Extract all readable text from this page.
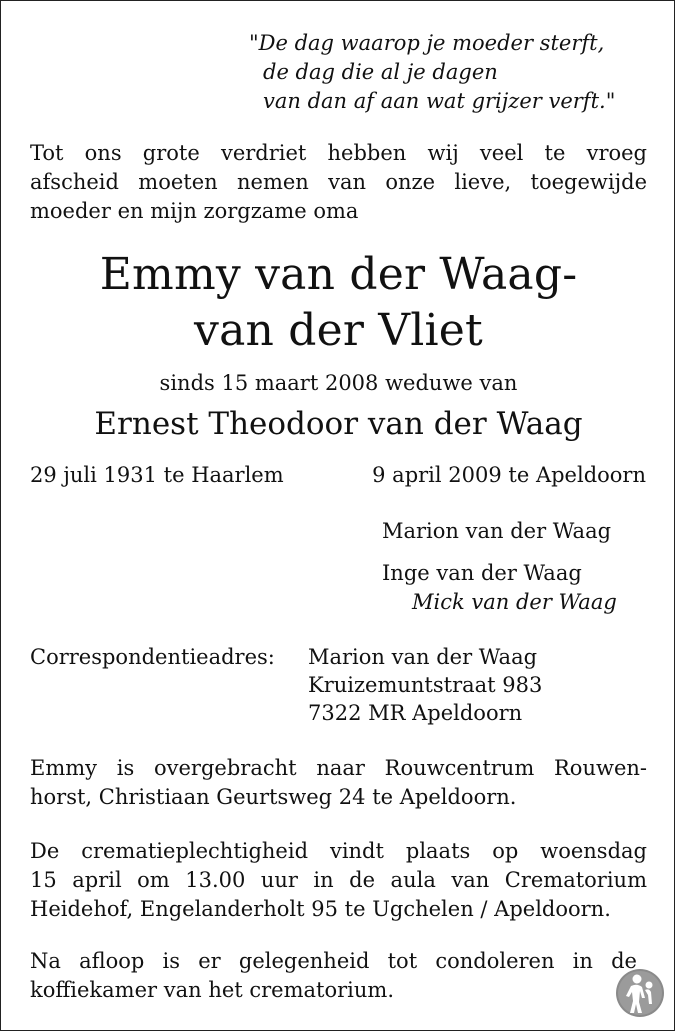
"De dag waarop je moeder sterft,
de dag die al je dagen
van dan af aan wat grijzer verft."
Tot ons grote verdriet hebben wij veel te vroeg
afscheid moeten nemen van onze lieve, toegewijde
moeder en mijn zorgzame oma
Emmy van der Waag-
van der Vliet
sinds 15 maart 2008 weduwe van
Ernest Theodoor van der Waag
29 juli 1931 te Haarlem	9 april 2009 te Apeldoorn
Marion van der Waag
Inge van der Waag
Mick van der Waag
Correspondentieadres: Marion van der Waag
Kruizemuntstraat 983
7322 MR Apeldoorn
Emmy is overgebracht naar Rouwcentrum Rouwen-
horst, Christiaan Geurtsweg 24 te Apeldoorn.
De crematieplechtigheid vindt plaats op woensdag
15 april om 13.00 uur in de aula van Crematorium
Heidehof, Engelanderholt 95 te Ugchelen / Apeldoorn.
Na afloop is er gelegenheid tot condoleren in de
koffiekamer van het crematorium.
